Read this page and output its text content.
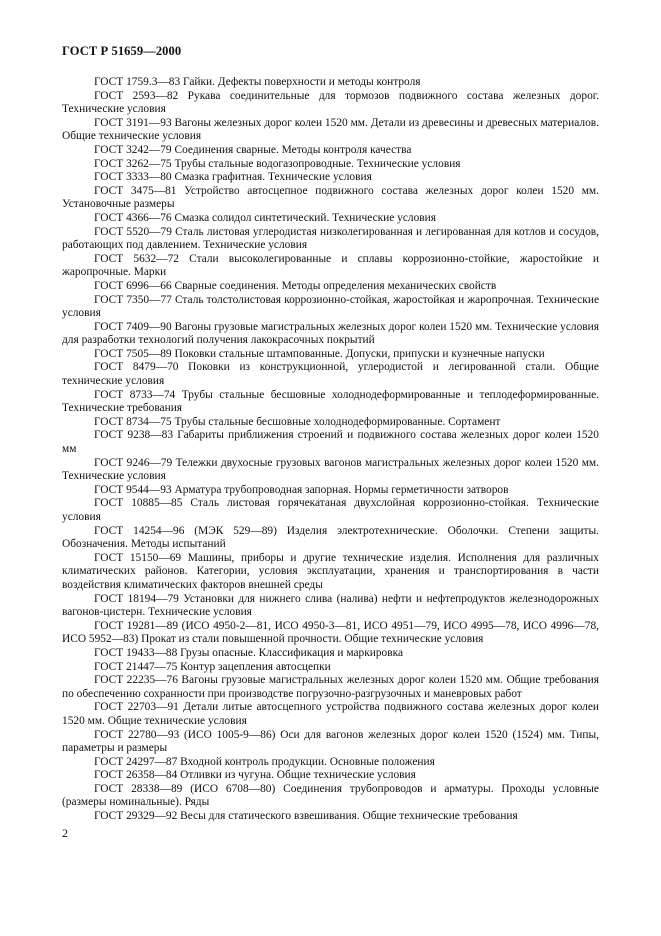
ГОСТ Р 51659—2000

ГОСТ 1759.3—83 Гайки. Дефекты поверхности и методы контроля

ГОСТ 2593—82 Рукава соединительные для тормозов подвижного состава железных дорог. Технические условия

ГОСТ 3191—93 Вагоны железных дорог колеи 1520 мм. Детали из древесины и древесных материалов. Общие технические условия

ГОСТ 3242—79 Соединения сварные. Методы контроля качества

ГОСТ 3262—75 Трубы стальные водогазопроводные. Технические условия

ГОСТ 3333—80 Смазка графитная. Технические условия

ГОСТ 3475—81 Устройство автосцепное подвижного состава железных дорог колеи 1520 мм. Установочные размеры

ГОСТ 4366—76 Смазка солидол синтетический. Технические условия

ГОСТ 5520—79 Сталь листовая углеродистая низколегированная и легированная для котлов и сосудов, работающих под давлением. Технические условия

ГОСТ 5632—72 Стали высоколегированные и сплавы коррозионно-стойкие, жаростойкие и жаропрочные. Марки

ГОСТ 6996—66 Сварные соединения. Методы определения механических свойств

ГОСТ 7350—77 Сталь толстолистовая коррозионно-стойкая, жаростойкая и жаропрочная. Технические условия

ГОСТ 7409—90 Вагоны грузовые магистральных железных дорог колеи 1520 мм. Технические условия для разработки технологий получения лакокрасочных покрытий

ГОСТ 7505—89 Поковки стальные штампованные. Допуски, припуски и кузнечные напуски

ГОСТ 8479—70 Поковки из конструкционной, углеродистой и легированной стали. Общие технические условия

ГОСТ 8733—74 Трубы стальные бесшовные холоднодеформированные и теплодеформированные. Технические требования

ГОСТ 8734—75 Трубы стальные бесшовные холоднодеформированные. Сортамент

ГОСТ 9238—83 Габариты приближения строений и подвижного состава железных дорог колеи 1520 мм

ГОСТ 9246—79 Тележки двухосные грузовых вагонов магистральных железных дорог колеи 1520 мм. Технические условия

ГОСТ 9544—93 Арматура трубопроводная запорная. Нормы герметичности затворов

ГОСТ 10885—85 Сталь листовая горячекатаная двухслойная коррозионно-стойкая. Технические условия

ГОСТ 14254—96 (МЭК 529—89) Изделия электротехнические. Оболочки. Степени защиты. Обозначения. Методы испытаний

ГОСТ 15150—69 Машины, приборы и другие технические изделия. Исполнения для различных климатических районов. Категории, условия эксплуатации, хранения и транспортирования в части воздействия климатических факторов внешней среды

ГОСТ 18194—79 Установки для нижнего слива (налива) нефти и нефтепродуктов железнодорожных вагонов-цистерн. Технические условия

ГОСТ 19281—89 (ИСО 4950-2—81, ИСО 4950-3—81, ИСО 4951—79, ИСО 4995—78, ИСО 4996—78, ИСО 5952—83) Прокат из стали повышенной прочности. Общие технические условия

ГОСТ 19433—88 Грузы опасные. Классификация и маркировка

ГОСТ 21447—75 Контур зацепления автосцепки

ГОСТ 22235—76 Вагоны грузовые магистральных железных дорог колеи 1520 мм. Общие требования по обеспечению сохранности при производстве погрузочно-разгрузочных и маневровых работ

ГОСТ 22703—91 Детали литые автосцепного устройства подвижного состава железных дорог колеи 1520 мм. Общие технические условия

ГОСТ 22780—93 (ИСО 1005-9—86) Оси для вагонов железных дорог колеи 1520 (1524) мм. Типы, параметры и размеры

ГОСТ 24297—87 Входной контроль продукции. Основные положения

ГОСТ 26358—84 Отливки из чугуна. Общие технические условия

ГОСТ 28338—89 (ИСО 6708—80) Соединения трубопроводов и арматуры. Проходы условные (размеры номинальные). Ряды

ГОСТ 29329—92 Весы для статического взвешивания. Общие технические требования

2
